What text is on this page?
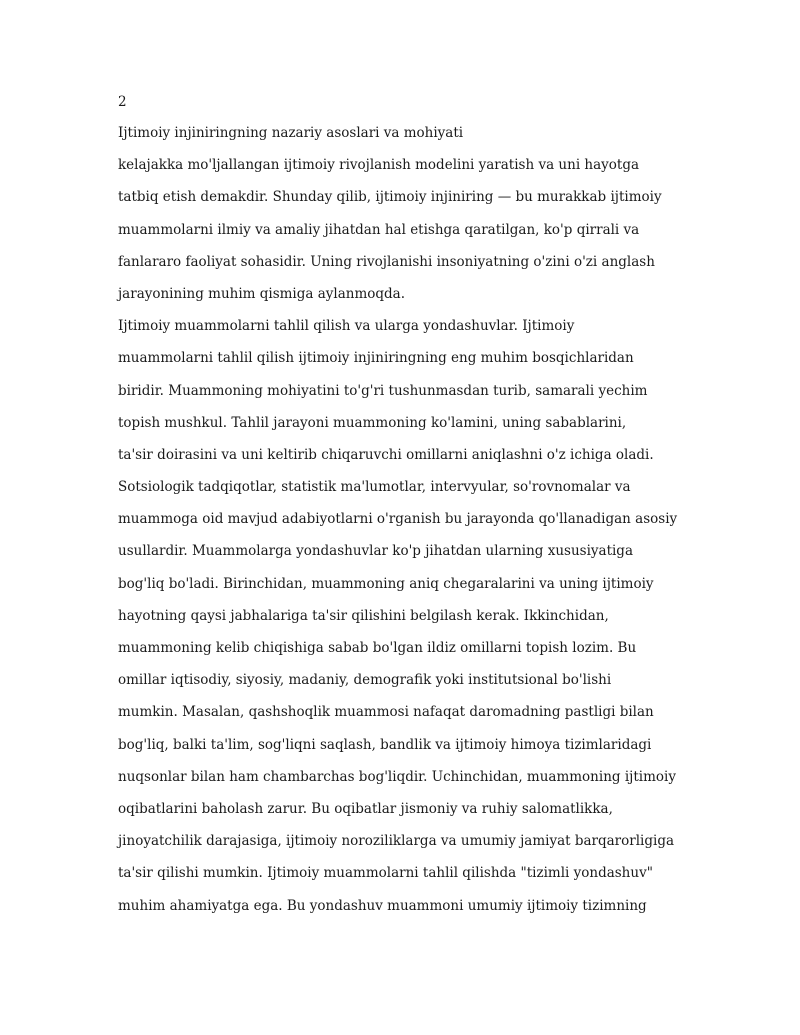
2
Ijtimoiy injiniringning nazariy asoslari va mohiyati
kelajakka mo'ljallangan ijtimoiy rivojlanish modelini yaratish va uni hayotga
tatbiq etish demakdir. Shunday qilib, ijtimoiy injiniring — bu murakkab ijtimoiy
muammolarni ilmiy va amaliy jihatdan hal etishga qaratilgan, ko'p qirrali va
fanlararo faoliyat sohasidir. Uning rivojlanishi insoniyatning o'zini o'zi anglash
jarayonining muhim qismiga aylanmoqda.
Ijtimoiy muammolarni tahlil qilish va ularga yondashuvlar. Ijtimoiy
muammolarni tahlil qilish ijtimoiy injiniringning eng muhim bosqichlaridan
biridir. Muammoning mohiyatini to'g'ri tushunmasdan turib, samarali yechim
topish mushkul. Tahlil jarayoni muammoning ko'lamini, uning sabablarini,
ta'sir doirasini va uni keltirib chiqaruvchi omillarni aniqlashni o'z ichiga oladi.
Sotsiologik tadqiqotlar, statistik ma'lumotlar, intervyular, so'rovnomalar va
muammoga oid mavjud adabiyotlarni o'rganish bu jarayonda qo'llanadigan asosiy
usullardir. Muammolarga yondashuvlar ko'p jihatdan ularning xususiyatiga
bog'liq bo'ladi. Birinchidan, muammoning aniq chegaralarini va uning ijtimoiy
hayotning qaysi jabhalariga ta'sir qilishini belgilash kerak. Ikkinchidan,
muammoning kelib chiqishiga sabab bo'lgan ildiz omillarni topish lozim. Bu
omillar iqtisodiy, siyosiy, madaniy, demografik yoki institutsional bo'lishi
mumkin. Masalan, qashshoqlik muammosi nafaqat daromadning pastligi bilan
bog'liq, balki ta'lim, sog'liqni saqlash, bandlik va ijtimoiy himoya tizimlaridagi
nuqsonlar bilan ham chambarchas bog'liqdir. Uchinchidan, muammoning ijtimoiy
oqibatlarini baholash zarur. Bu oqibatlar jismoniy va ruhiy salomatlikka,
jinoyatchilik darajasiga, ijtimoiy noroziliklarga va umumiy jamiyat barqarorligiga
ta'sir qilishi mumkin. Ijtimoiy muammolarni tahlil qilishda "tizimli yondashuv"
muhim ahamiyatga ega. Bu yondashuv muammoni umumiy ijtimoiy tizimning
